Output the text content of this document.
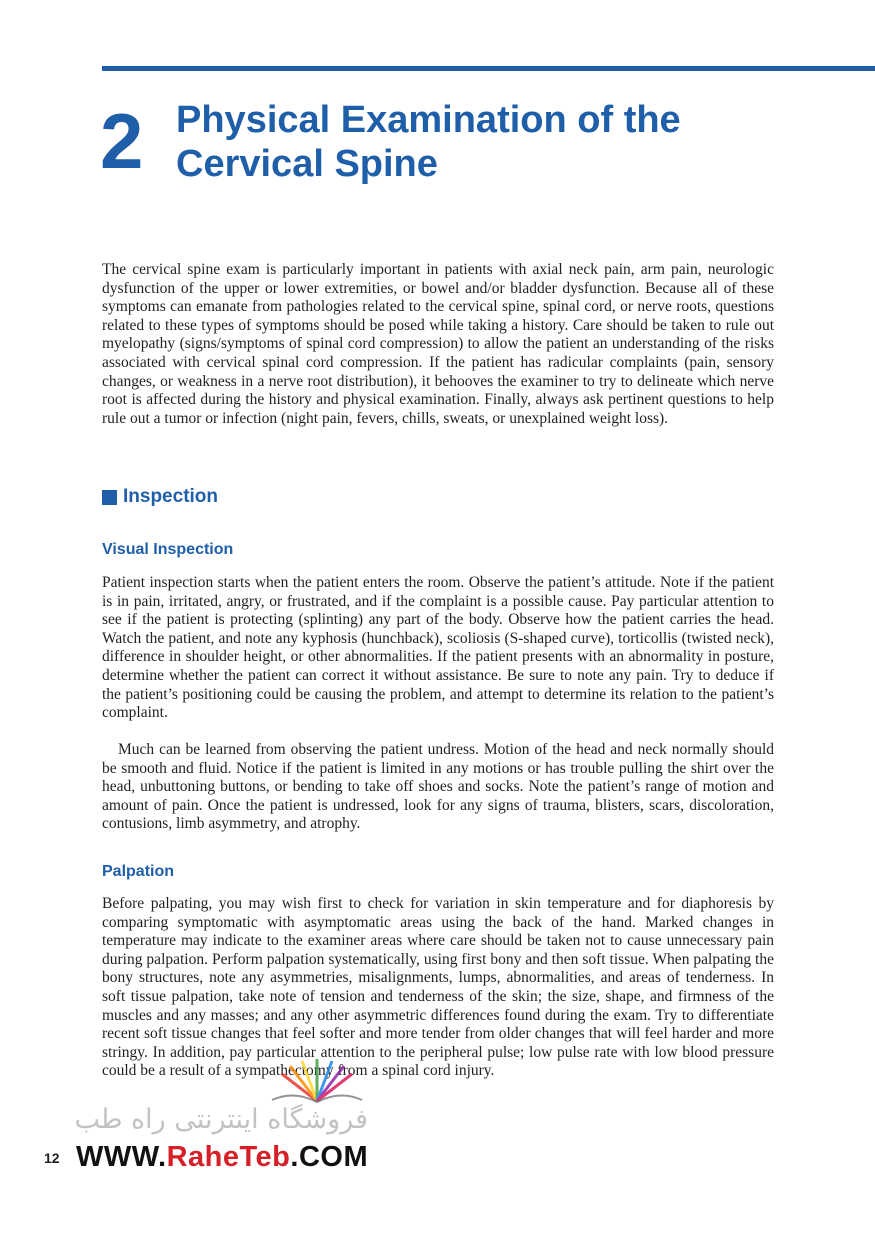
2 Physical Examination of the
Cervical Spine

The cervical spine exam is particularly important in patients with axial neck pain, arm pain, neurologic dysfunction of the upper or lower extremities, or bowel and/or bladder dysfunction. Because all of these symptoms can emanate from pathologies related to the cervical spine, spinal cord, or nerve roots, questions related to these types of symptoms should be posed while taking a history. Care should be taken to rule out myelopathy (signs/symptoms of spinal cord compression) to allow the patient an understanding of the risks associated with cervical spinal cord compression. If the patient has radicular complaints (pain, sensory changes, or weakness in a nerve root distribution), it behooves the examiner to try to delineate which nerve root is affected during the history and physical examination. Finally, always ask pertinent questions to help rule out a tumor or infection (night pain, fevers, chills, sweats, or unexplained weight loss).

Inspection
Visual Inspection

Patient inspection starts when the patient enters the room. Observe the patient’s attitude. Note if the patient is in pain, irritated, angry, or frustrated, and if the complaint is a possible cause. Pay particular attention to see if the patient is protecting (splinting) any part of the body. Observe how the patient carries the head. Watch the patient, and note any kyphosis (hunchback), scoliosis (S-shaped curve), torticollis (twisted neck), difference in shoulder height, or other abnormalities. If the patient presents with an abnormality in posture, determine whether the patient can correct it without assistance. Be sure to note any pain. Try to deduce if the patient’s positioning could be causing the problem, and attempt to determine its relation to the patient’s complaint.

Much can be learned from observing the patient undress. Motion of the head and neck normally should be smooth and fluid. Notice if the patient is limited in any motions or has trouble pulling the shirt over the head, unbuttoning buttons, or bending to take off shoes and socks. Note the patient’s range of motion and amount of pain. Once the patient is undressed, look for any signs of trauma, blisters, scars, discoloration, contusions, limb asymmetry, and atrophy.

Palpation

Before palpating, you may wish first to check for variation in skin temperature and for diaphoresis by comparing symptomatic with asymptomatic areas using the back of the hand. Marked changes in temperature may indicate to the examiner areas where care should be taken not to cause unnecessary pain during palpation. Perform palpation systematically, using first bony and then soft tissue. When palpating the bony structures, note any asymmetries, misalignments, lumps, abnormalities, and areas of tenderness. In soft tissue palpation, take note of tension and tenderness of the skin; the size, shape, and firmness of the muscles and any masses; and any other asymmetric differences found during the exam. Try to differentiate recent soft tissue changes that feel softer and more tender from older changes that will feel harder and more stringy. In addition, pay particular attention to the peripheral pulse; low pulse rate with low blood pressure could be a result of a sympathectomy from a spinal cord injury.

فروشگاه اینترنتی راه طب
WWW.RaheTeb.COM
12
